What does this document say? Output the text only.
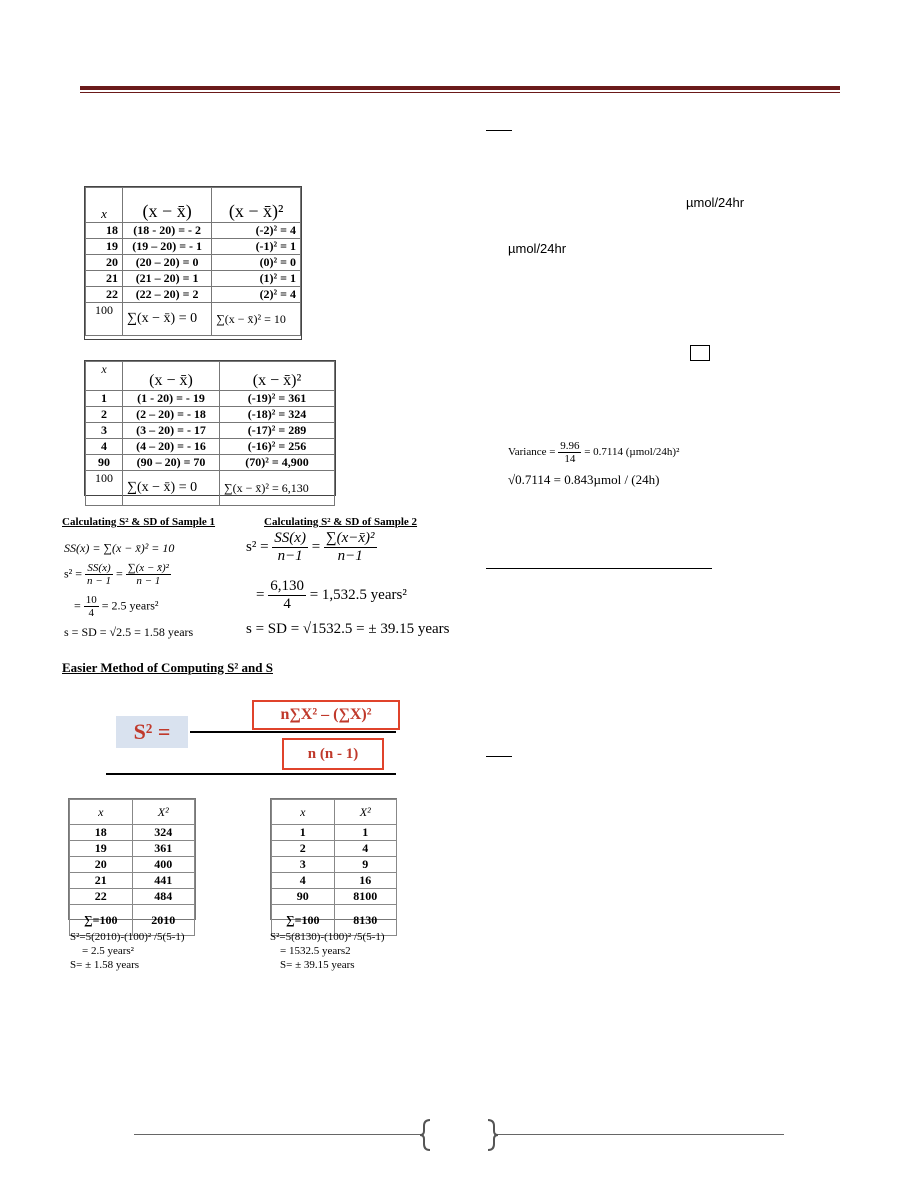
x	(x − x̄)	(x − x̄)²
18	(18 - 20) = - 2	(-2)² = 4
19	(19 – 20) = - 1	(-1)² = 1
20	(20 – 20) = 0	(0)² = 0
21	(21 – 20) = 1	(1)² = 1
22	(22 – 20) = 2	(2)² = 4
100	∑(x − x̄) = 0	∑(x − x̄)² = 10
x	(x − x̄)	(x − x̄)²
1	(1 - 20) = - 19	(-19)² = 361
2	(2 – 20) = - 18	(-18)² = 324
3	(3 – 20) = - 17	(-17)² = 289
4	(4 – 20) = - 16	(-16)² = 256
90	(90 – 20) = 70	(70)² = 4,900
100	∑(x − x̄) = 0	∑(x − x̄)² = 6,130
Calculating S² & SD of Sample 1
SS(x) = ∑(x − x̄)² = 10
$s^2 = \frac{SS(x)}{n - 1} = \frac{\text{∑(x − x̄)²}}{n - 1}$
= $\frac{10}{4} = 2.5$ years²
s = SD = √2.5 = 1.58 years
Calculating S² & SD of Sample 2
$s^2 = \frac{SS(x)}{n-1} = \frac{\text{∑(x−x̄)²}}{n-1}$
= $\frac{6,130}{4} = 1,532.5$ years²
s = SD = √1532.5 = ± 39.15 years
Easier Method of Computing S² and S
S² =
n∑X² – (∑X)²
n (n - 1)
x	X²
18	324
19	361
20	400
21	441
22	484
∑=100	2010
x	X²
1	1
2	4
3	9
4	16
90	8100
∑=100	8130
S²=5(2010)-(100)² /5(5-1)
= 2.5 years²
S= ± 1.58 years
S²=5(8130)-(100)² /5(5-1)
= 1532.5 years2
S= ± 39.15 years
µmol/24hr
µmol/24hr
Variance = $\frac{9.96}{14} = 0.7114$ (µmol/24h)²
√0.7114 = 0.843µmol / (24h)
